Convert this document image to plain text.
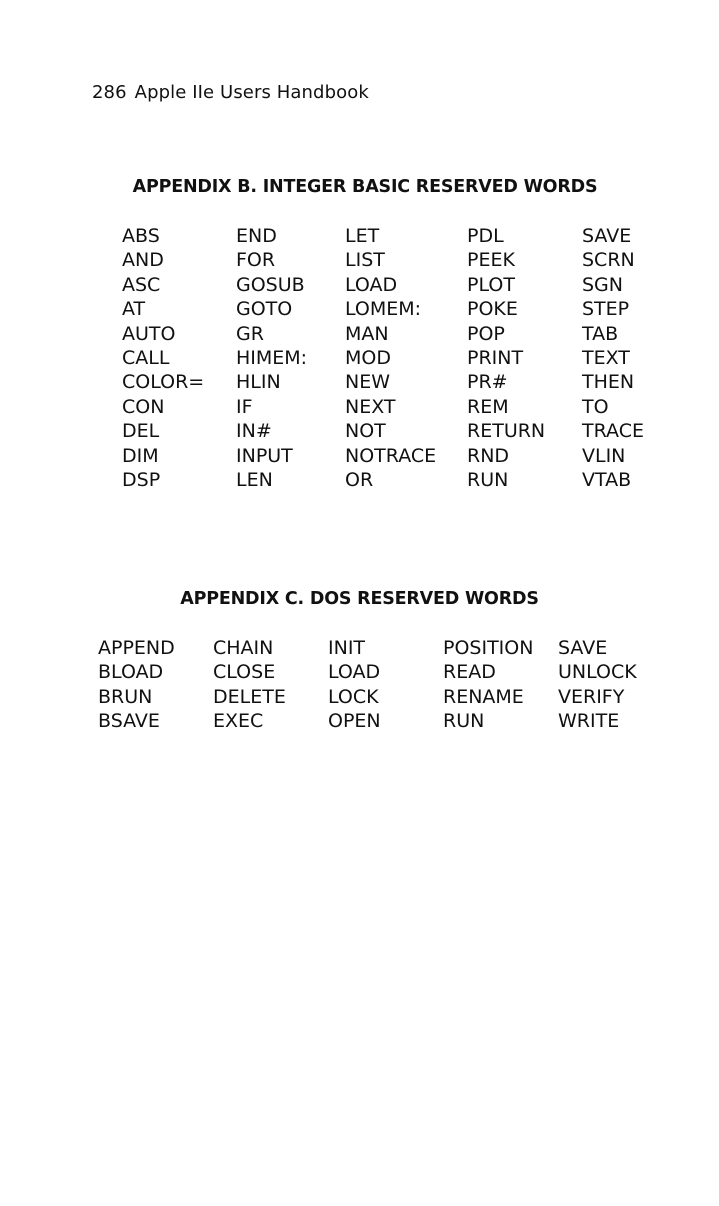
286 Apple IIe Users Handbook
APPENDIX B. INTEGER BASIC RESERVED WORDS
ABS
AND
ASC
AT
AUTO
CALL
COLOR=
CON
DEL
DIM
DSP
END
FOR
GOSUB
GOTO
GR
HIMEM:
HLIN
IF
IN#
INPUT
LEN
LET
LIST
LOAD
LOMEM:
MAN
MOD
NEW
NEXT
NOT
NOTRACE
OR
PDL
PEEK
PLOT
POKE
POP
PRINT
PR#
REM
RETURN
RND
RUN
SAVE
SCRN
SGN
STEP
TAB
TEXT
THEN
TO
TRACE
VLIN
VTAB
APPENDIX C. DOS RESERVED WORDS
APPEND
BLOAD
BRUN
BSAVE
CHAIN
CLOSE
DELETE
EXEC
INIT
LOAD
LOCK
OPEN
POSITION
READ
RENAME
RUN
SAVE
UNLOCK
VERIFY
WRITE
